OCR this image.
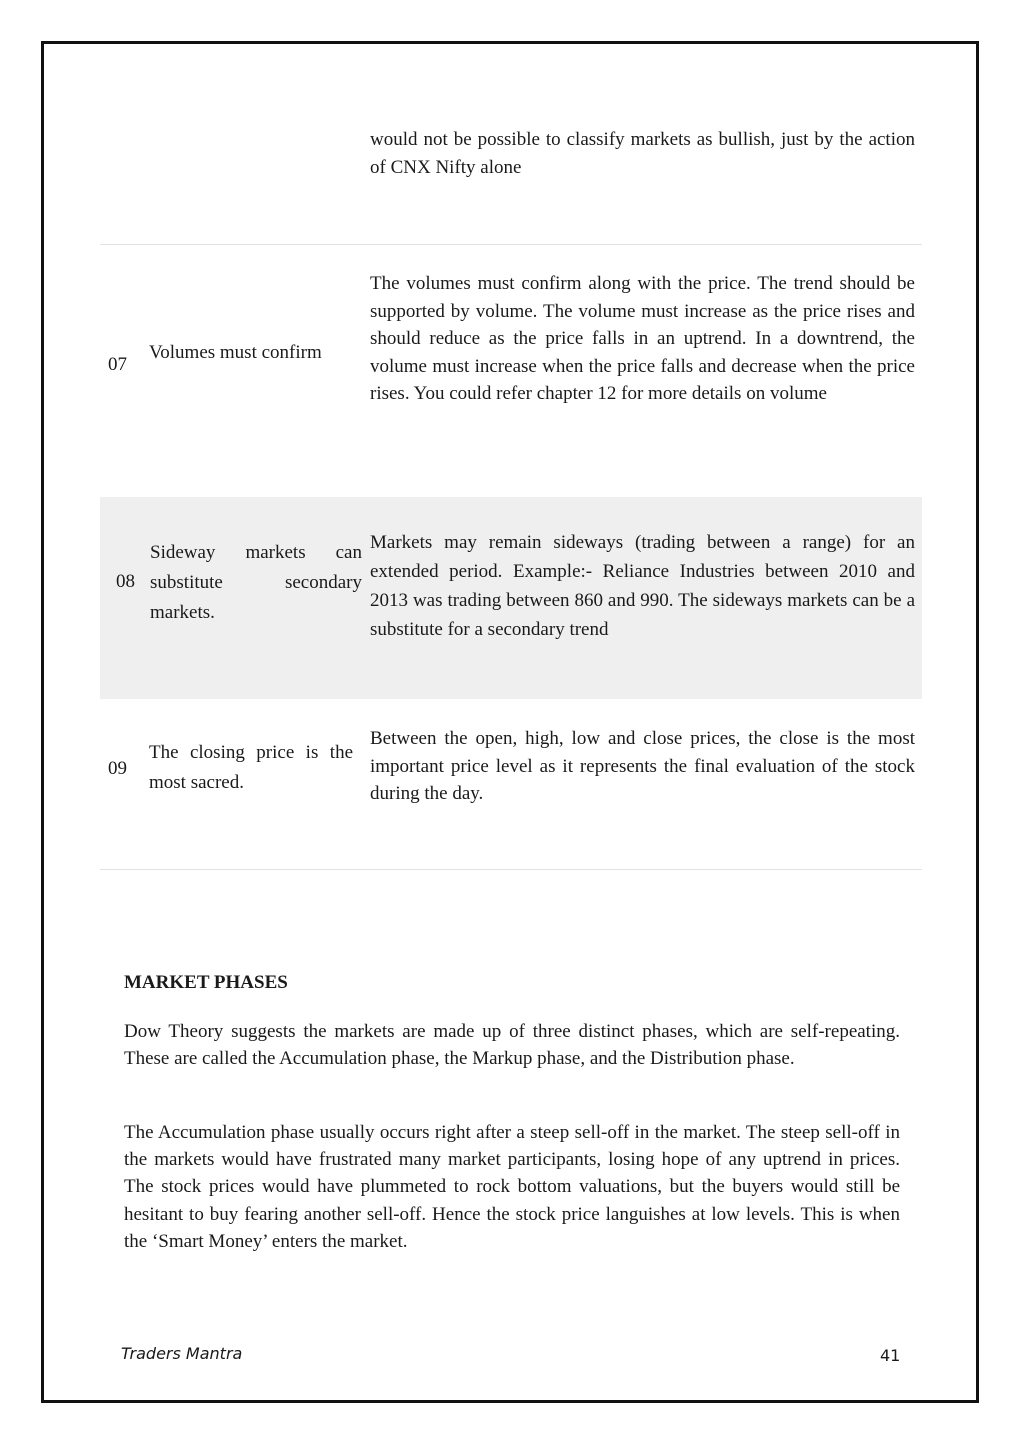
would not be possible to classify markets as bullish, just by the action of CNX Nifty alone
07
Volumes must confirm
The volumes must confirm along with the price. The trend should be supported by volume. The volume must increase as the price rises and should reduce as the price falls in an uptrend. In a downtrend, the volume must increase when the price falls and decrease when the price rises. You could refer chapter 12 for more details on volume
08
Sideway markets can substitute secondary markets.
Markets may remain sideways (trading between a range) for an extended period. Example:- Reliance Industries between 2010 and 2013 was trading between 860 and 990. The sideways markets can be a substitute for a secondary trend
09
The closing price is the most sacred.
Between the open, high, low and close prices, the close is the most important price level as it represents the final evaluation of the stock during the day.
MARKET PHASES

Dow Theory suggests the markets are made up of three distinct phases, which are self-repeating. These are called the Accumulation phase, the Markup phase, and the Distribution phase.

The Accumulation phase usually occurs right after a steep sell-off in the market. The steep sell-off in the markets would have frustrated many market participants, losing hope of any uptrend in prices. The stock prices would have plummeted to rock bottom valuations, but the buyers would still be hesitant to buy fearing another sell-off. Hence the stock price languishes at low levels. This is when the ‘Smart Money’ enters the market.

Traders Mantra	41
